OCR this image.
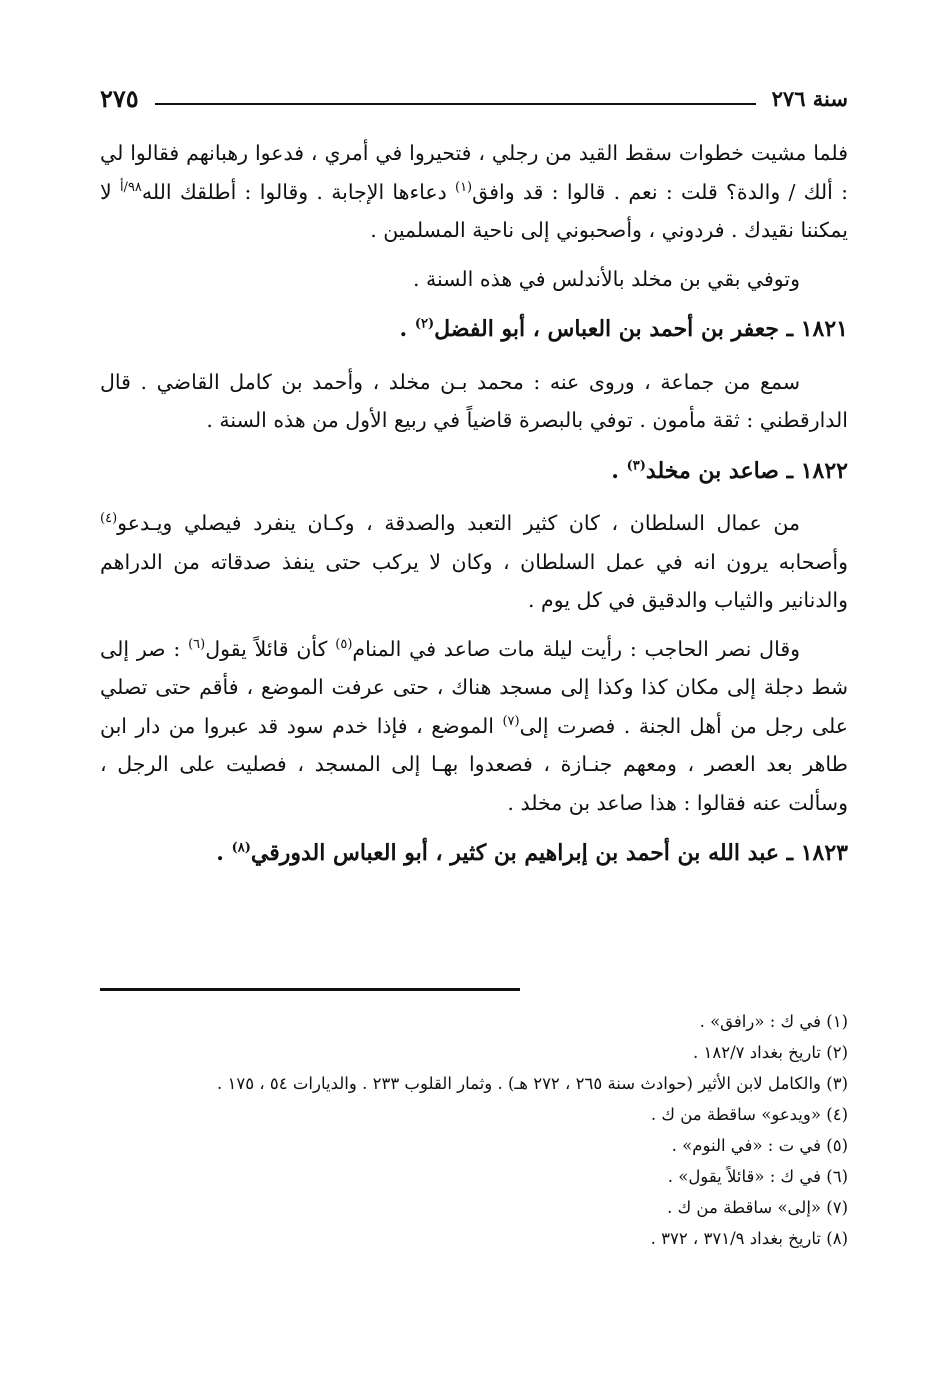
سنة ٢٧٦
٢٧٥

فلما مشيت خطوات سقط القيد من رجلي ، فتحيروا في أمري ، فدعوا رهبانهم فقالوا لي : ألك / والدة؟ قلت : نعم . قالوا : قد وافق$^{(١)}$ دعاءها الإجابة . وقالوا : أطلقك الله$^{٩٨/أ}$ لا يمكننا نقيدك . فردوني ، وأصحبوني إلى ناحية المسلمين .

وتوفي بقي بن مخلد بالأندلس في هذه السنة .

١٨٢١ ـ جعفر بن أحمد بن العباس ، أبو الفضل$^{(٢)}$ .

سمع من جماعة ، وروى عنه : محمد بـن مخلد ، وأحمد بن كامل القاضي . قال الدارقطني : ثقة مأمون . توفي بالبصرة قاضياً في ربيع الأول من هذه السنة .

١٨٢٢ ـ صاعد بن مخلد$^{(٣)}$ .

من عمال السلطان ، كان كثير التعبد والصدقة ، وكـان ينفرد فيصلي ويـدعو$^{(٤)}$ وأصحابه يرون انه في عمل السلطان ، وكان لا يركب حتى ينفذ صدقاته من الدراهم والدنانير والثياب والدقيق في كل يوم .

وقال نصر الحاجب : رأيت ليلة مات صاعد في المنام$^{(٥)}$ كأن قائلاً يقول$^{(٦)}$ : صر إلى شط دجلة إلى مكان كذا وكذا إلى مسجد هناك ، حتى عرفت الموضع ، فأقم حتى تصلي على رجل من أهل الجنة . فصرت إلى$^{(٧)}$ الموضع ، فإذا خدم سود قد عبروا من دار ابن طاهر بعد العصر ، ومعهم جنـازة ، فصعدوا بهـا إلى المسجد ، فصليت على الرجل ، وسألت عنه فقالوا : هذا صاعد بن مخلد .

١٨٢٣ ـ عبد الله بن أحمد بن إبراهيم بن كثير ، أبو العباس الدورقي$^{(٨)}$ .

(١) في ك : «رافق» .

(٢) تاريخ بغداد ١٨٢/٧ .

(٣) والكامل لابن الأثير (حوادث سنة ٢٦٥ ، ٢٧٢ هـ) . وثمار القلوب ٢٣٣ . والديارات ٥٤ ، ١٧٥ .

(٤) «ويدعو» ساقطة من ك .

(٥) في ت : «في النوم» .

(٦) في ك : «قائلاً يقول» .

(٧) «إلى» ساقطة من ك .

(٨) تاريخ بغداد ٣٧١/٩ ، ٣٧٢ .
